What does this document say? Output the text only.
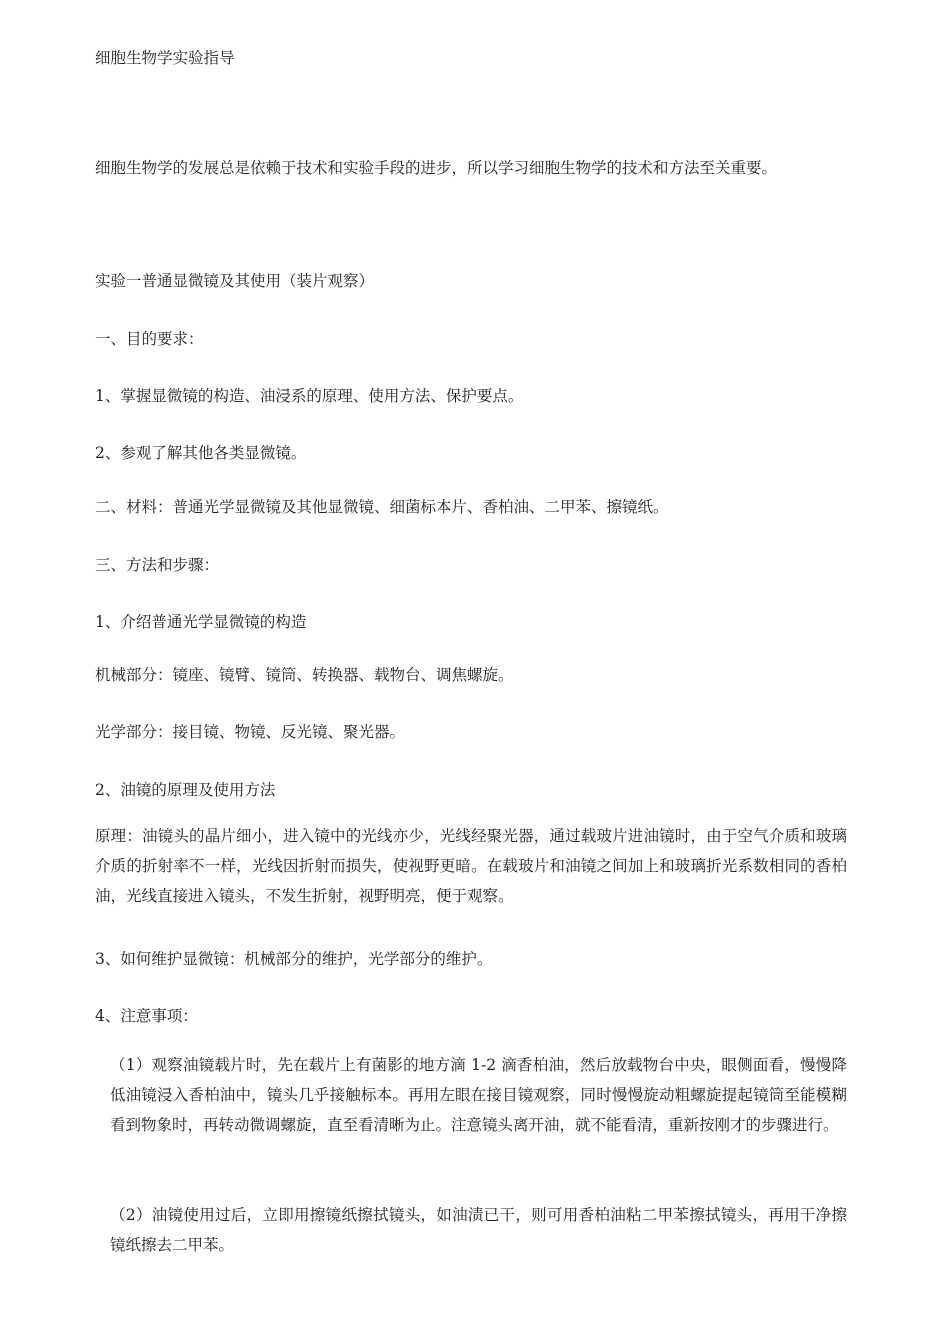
细胞生物学实验指导
细胞生物学的发展总是依赖于技术和实验手段的进步，所以学习细胞生物学的技术和方法至关重要。
实验一普通显微镜及其使用（装片观察）
一、目的要求：
1、掌握显微镜的构造、油浸系的原理、使用方法、保护要点。
2、参观了解其他各类显微镜。
二、材料：普通光学显微镜及其他显微镜、细菌标本片、香柏油、二甲苯、擦镜纸。
三、方法和步骤：
1、介绍普通光学显微镜的构造
机械部分：镜座、镜臂、镜筒、转换器、载物台、调焦螺旋。
光学部分：接目镜、物镜、反光镜、聚光器。
2、油镜的原理及使用方法
原理：油镜头的晶片细小，进入镜中的光线亦少，光线经聚光器，通过载玻片进油镜时，由于空气介质和玻璃介质的折射率不一样，光线因折射而损失，使视野更暗。在载玻片和油镜之间加上和玻璃折光系数相同的香柏油，光线直接进入镜头，不发生折射，视野明亮，便于观察。
3、如何维护显微镜：机械部分的维护，光学部分的维护。
4、注意事项：
（1）观察油镜载片时，先在载片上有菌影的地方滴 1-2 滴香柏油，然后放载物台中央，眼侧面看，慢慢降低油镜浸入香柏油中，镜头几乎接触标本。再用左眼在接目镜观察，同时慢慢旋动粗螺旋提起镜筒至能模糊看到物象时，再转动微调螺旋，直至看清晰为止。注意镜头离开油，就不能看清，重新按刚才的步骤进行。
（2）油镜使用过后，立即用擦镜纸擦拭镜头，如油渍已干，则可用香柏油粘二甲苯擦拭镜头，再用干净擦镜纸擦去二甲苯。
